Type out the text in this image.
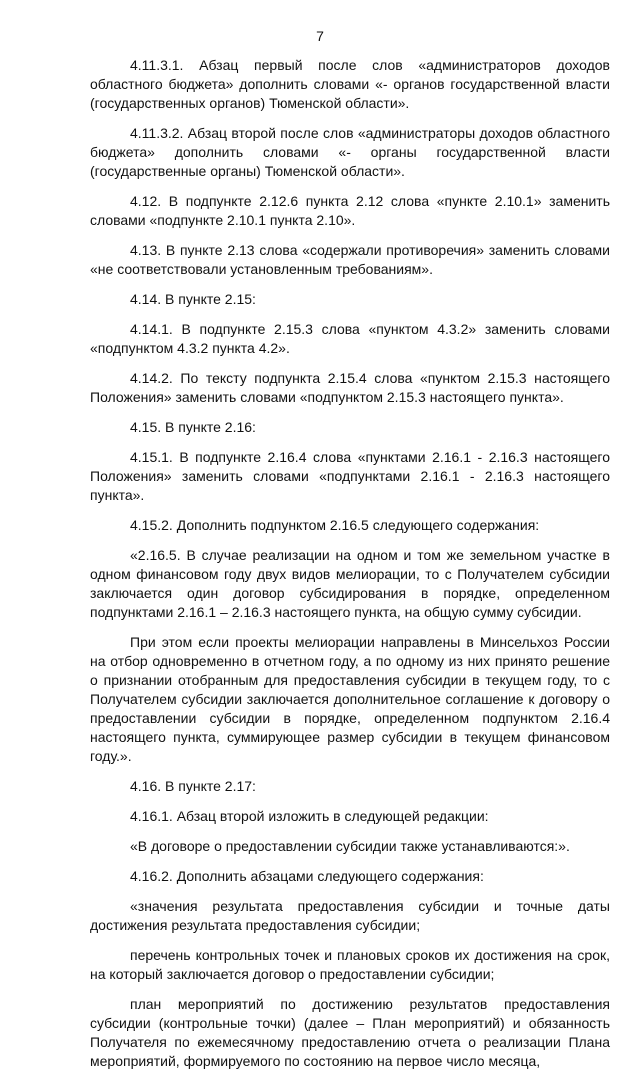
7

4.11.3.1. Абзац первый после слов «администраторов доходов областного бюджета» дополнить словами «- органов государственной власти (государственных органов) Тюменской области».

4.11.3.2. Абзац второй после слов «администраторы доходов областного бюджета» дополнить словами «- органы государственной власти (государственные органы) Тюменской области».

4.12. В подпункте 2.12.6 пункта 2.12 слова «пункте 2.10.1» заменить словами «подпункте 2.10.1 пункта 2.10».

4.13. В пункте 2.13 слова «содержали противоречия» заменить словами «не соответствовали установленным требованиям».

4.14. В пункте 2.15:

4.14.1. В подпункте 2.15.3 слова «пунктом 4.3.2» заменить словами «подпунктом 4.3.2 пункта 4.2».

4.14.2. По тексту подпункта 2.15.4 слова «пунктом 2.15.3 настоящего Положения» заменить словами «подпунктом 2.15.3 настоящего пункта».

4.15. В пункте 2.16:

4.15.1. В подпункте 2.16.4 слова «пунктами 2.16.1 - 2.16.3 настоящего Положения» заменить словами «подпунктами 2.16.1 - 2.16.3 настоящего пункта».

4.15.2. Дополнить подпунктом 2.16.5 следующего содержания:

«2.16.5. В случае реализации на одном и том же земельном участке в одном финансовом году двух видов мелиорации, то с Получателем субсидии заключается один договор субсидирования в порядке, определенном подпунктами 2.16.1 – 2.16.3 настоящего пункта, на общую сумму субсидии.

При этом если проекты мелиорации направлены в Минсельхоз России на отбор одновременно в отчетном году, а по одному из них принято решение о признании отобранным для предоставления субсидии в текущем году, то с Получателем субсидии заключается дополнительное соглашение к договору о предоставлении субсидии в порядке, определенном подпунктом 2.16.4 настоящего пункта, суммирующее размер субсидии в текущем финансовом году.».

4.16. В пункте 2.17:

4.16.1. Абзац второй изложить в следующей редакции:

«В договоре о предоставлении субсидии также устанавливаются:».

4.16.2. Дополнить абзацами следующего содержания:

«значения результата предоставления субсидии и точные даты достижения результата предоставления субсидии;

перечень контрольных точек и плановых сроков их достижения на срок, на который заключается договор о предоставлении субсидии;

план мероприятий по достижению результатов предоставления субсидии (контрольные точки) (далее – План мероприятий) и обязанность Получателя по ежемесячному предоставлению отчета о реализации Плана мероприятий, формируемого по состоянию на первое число месяца,
